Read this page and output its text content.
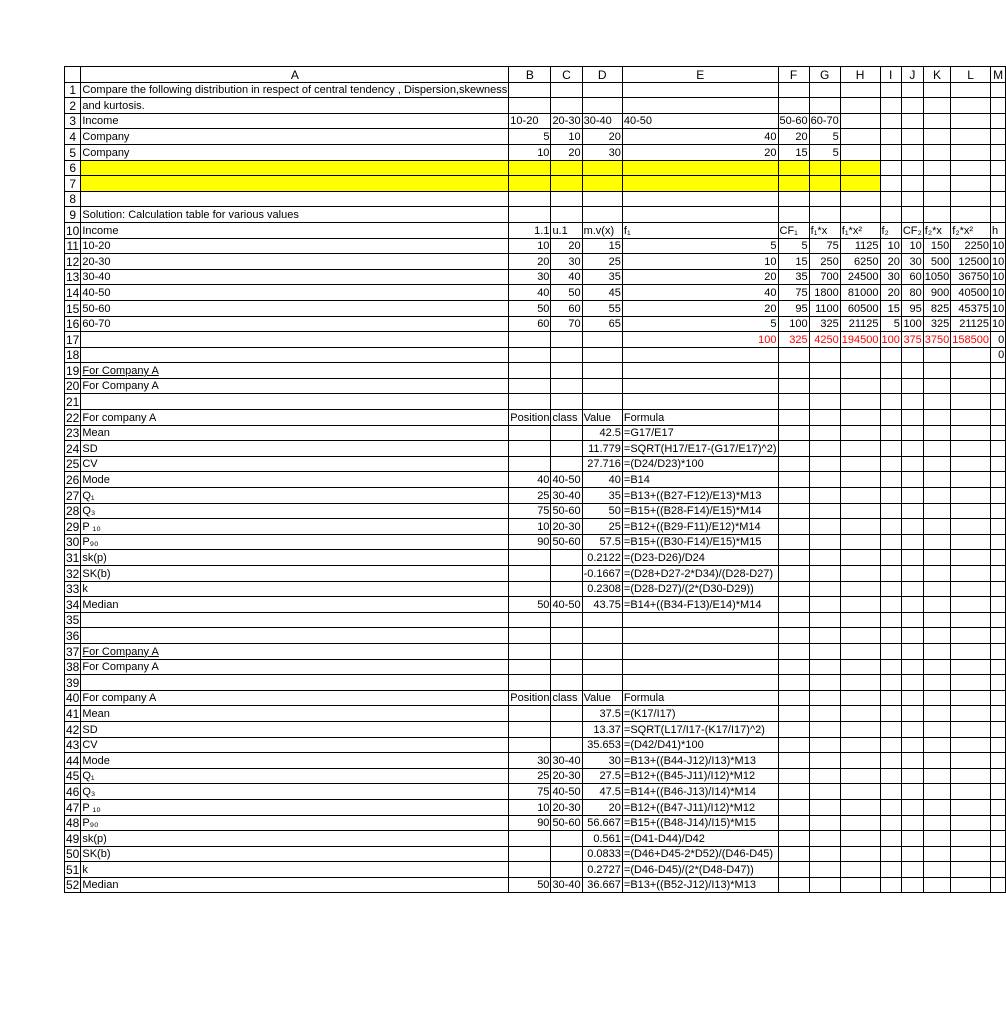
	A	B	C	D	E	F	G	H	I	J	K	L	M
1	Compare the following distribution in respect of central tendency , Dispersion,skewness												
2	and kurtosis.												
3	Income	10-20	20-30	30-40	40-50	50-60	60-70						
4	Company	5	10	20	40	20	5						
5	Company	10	20	30	20	15	5						
6													
7													
8													
9	Solution: Calculation table for various values												
10	Income	1.1	u.1	m.v(x)	f₁	CF₁	f₁*x	f₁*x²	f₂	CF₂	f₂*x	f₂*x²	h
11	10-20	10	20	15	5	5	75	1125	10	10	150	2250	10
12	20-30	20	30	25	10	15	250	6250	20	30	500	12500	10
13	30-40	30	40	35	20	35	700	24500	30	60	1050	36750	10
14	40-50	40	50	45	40	75	1800	81000	20	80	900	40500	10
15	50-60	50	60	55	20	95	1100	60500	15	95	825	45375	10
16	60-70	60	70	65	5	100	325	21125	5	100	325	21125	10
17					100	325	4250	194500	100	375	3750	158500	0
18													0
19	For Company A												
20	For Company A												
21													
22	For company A	Position	class	Value	Formula								
23	Mean			42.5	=G17/E17								
24	SD			11.779	=SQRT(H17/E17-(G17/E17)^2)								
25	CV			27.716	=(D24/D23)*100								
26	Mode	40	40-50	40	=B14								
27	Q₁	25	30-40	35	=B13+((B27-F12)/E13)*M13								
28	Q₃	75	50-60	50	=B15+((B28-F14)/E15)*M14								
29	P ₁₀	10	20-30	25	=B12+((B29-F11)/E12)*M14								
30	P₉₀	90	50-60	57.5	=B15+((B30-F14)/E15)*M15								
31	sk(p)			0.2122	=(D23-D26)/D24								
32	SK(b)			-0.1667	=(D28+D27-2*D34)/(D28-D27)								
33	k			0.2308	=(D28-D27)/(2*(D30-D29))								
34	Median	50	40-50	43.75	=B14+((B34-F13)/E14)*M14								
35													
36													
37	For Company A												
38	For Company A												
39													
40	For company A	Position	class	Value	Formula								
41	Mean			37.5	=(K17/I17)								
42	SD			13.37	=SQRT(L17/I17-(K17/I17)^2)								
43	CV			35.653	=(D42/D41)*100								
44	Mode	30	30-40	30	=B13+((B44-J12)/I13)*M13								
45	Q₁	25	20-30	27.5	=B12+((B45-J11)/I12)*M12								
46	Q₃	75	40-50	47.5	=B14+((B46-J13)/I14)*M14								
47	P ₁₀	10	20-30	20	=B12+((B47-J11)/I12)*M12								
48	P₉₀	90	50-60	56.667	=B15+((B48-J14)/I15)*M15								
49	sk(p)			0.561	=(D41-D44)/D42								
50	SK(b)			0.0833	=(D46+D45-2*D52)/(D46-D45)								
51	k			0.2727	=(D46-D45)/(2*(D48-D47))								
52	Median	50	30-40	36.667	=B13+((B52-J12)/I13)*M13								
